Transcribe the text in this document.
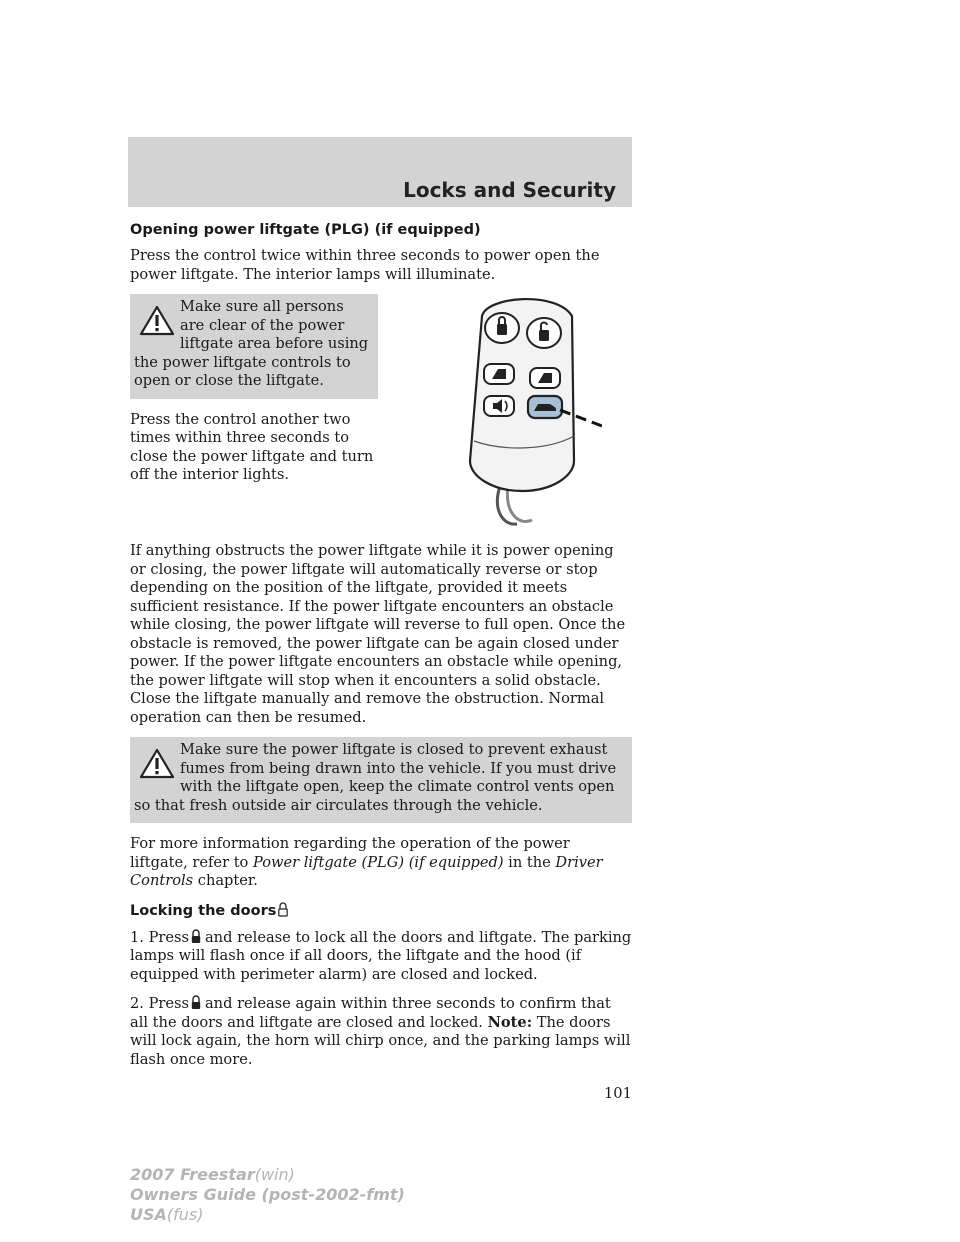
Locks and Security
Opening power liftgate (PLG) (if equipped)

Press the control twice within three seconds to power open the power liftgate. The interior lamps will illuminate.

Make sure all persons are clear of the power liftgate area before using the power liftgate controls to open or close the liftgate.

Press the control another two times within three seconds to close the power liftgate and turn off the interior lights.

If anything obstructs the power liftgate while it is power opening or closing, the power liftgate will automatically reverse or stop depending on the position of the liftgate, provided it meets sufficient resistance. If the power liftgate encounters an obstacle while closing, the power liftgate will reverse to full open. Once the obstacle is removed, the power liftgate can be again closed under power. If the power liftgate encounters an obstacle while opening, the power liftgate will stop when it encounters a solid obstacle. Close the liftgate manually and remove the obstruction. Normal operation can then be resumed.

Make sure the power liftgate is closed to prevent exhaust fumes from being drawn into the vehicle. If you must drive with the liftgate open, keep the climate control vents open so that fresh outside air circulates through the vehicle.

For more information regarding the operation of the power liftgate, refer to Power liftgate (PLG) (if equipped) in the Driver Controls chapter.

Locking the doors

1. Press and release to lock all the doors and liftgate. The parking lamps will flash once if all doors, the liftgate and the hood (if equipped with perimeter alarm) are closed and locked.

2. Press and release again within three seconds to confirm that all the doors and liftgate are closed and locked. Note: The doors will lock again, the horn will chirp once, and the parking lamps will flash once more.

101
2007 Freestar(win)
Owners Guide (post-2002-fmt)
USA(fus)
